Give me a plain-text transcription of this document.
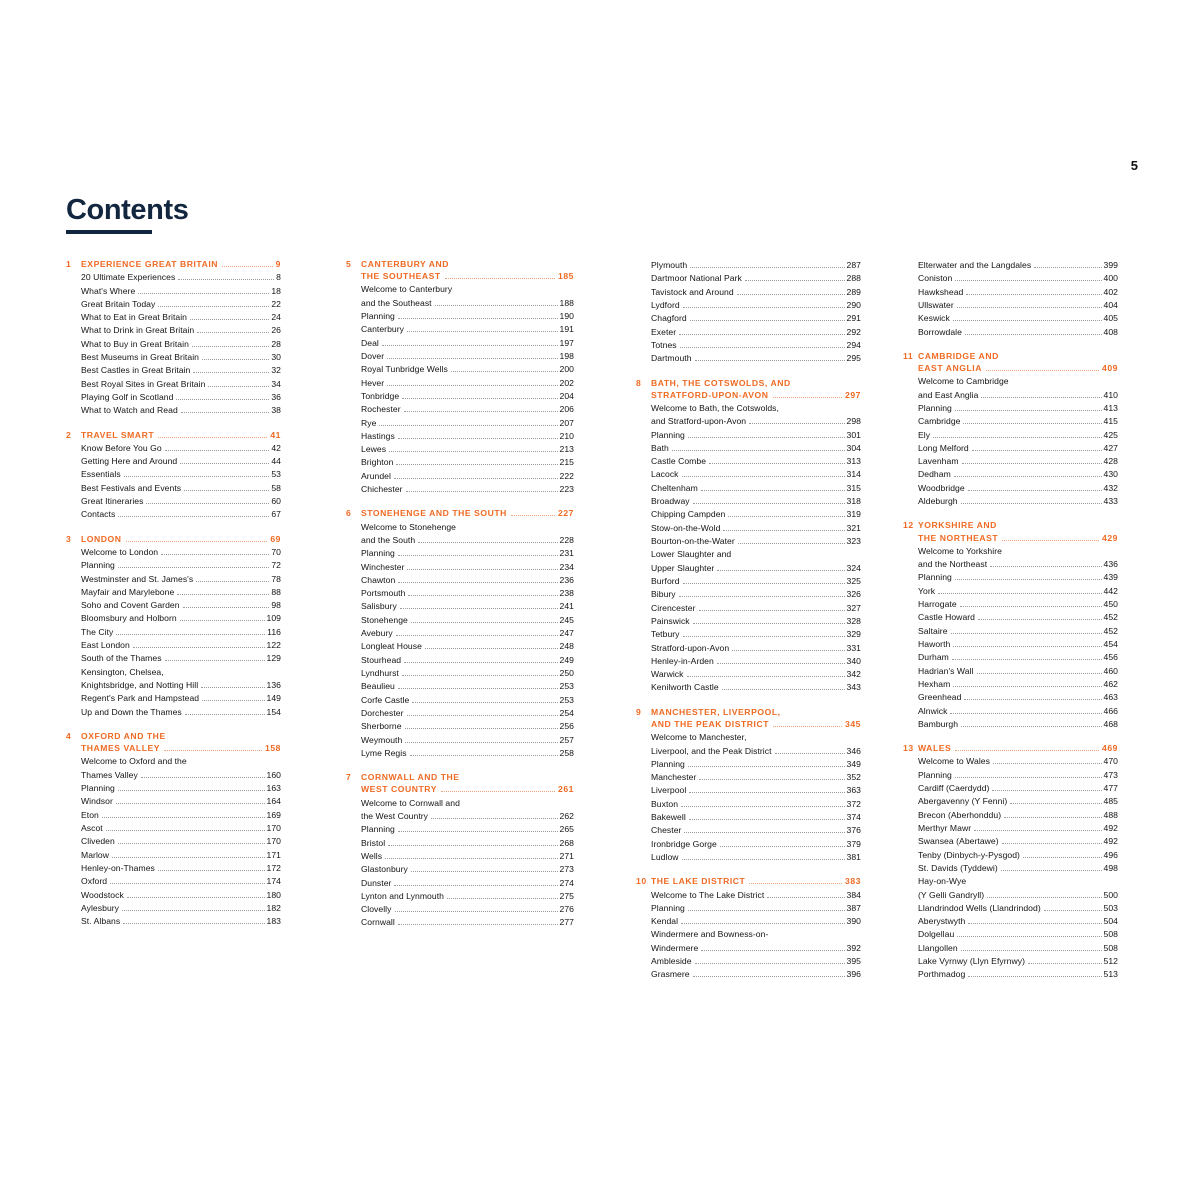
5
Contents
1	EXPERIENCE GREAT BRITAIN	9
20 Ultimate Experiences	8
What's Where	18
Great Britain Today	22
What to Eat in Great Britain	24
What to Drink in Great Britain	26
What to Buy in Great Britain	28
Best Museums in Great Britain	30
Best Castles in Great Britain	32
Best Royal Sites in Great Britain	34
Playing Golf in Scotland	36
What to Watch and Read	38
2	TRAVEL SMART	41
Know Before You Go	42
Getting Here and Around	44
Essentials	53
Best Festivals and Events	58
Great Itineraries	60
Contacts	67
3	LONDON	69
Welcome to London	70
Planning	72
Westminster and St. James's	78
Mayfair and Marylebone	88
Soho and Covent Garden	98
Bloomsbury and Holborn	109
The City	116
East London	122
South of the Thames	129
Kensington, Chelsea,
Knightsbridge, and Notting Hill	136
Regent's Park and Hampstead	149
Up and Down the Thames	154
4	OXFORD AND THE
THAMES VALLEY	158
Welcome to Oxford and the
Thames Valley	160
Planning	163
Windsor	164
Eton	169
Ascot	170
Cliveden	170
Marlow	171
Henley-on-Thames	172
Oxford	174
Woodstock	180
Aylesbury	182
St. Albans	183
5	CANTERBURY AND
THE SOUTHEAST	185
Welcome to Canterbury
and the Southeast	188
Planning	190
Canterbury	191
Deal	197
Dover	198
Royal Tunbridge Wells	200
Hever	202
Tonbridge	204
Rochester	206
Rye	207
Hastings	210
Lewes	213
Brighton	215
Arundel	222
Chichester	223
6	STONEHENGE AND THE SOUTH	227
Welcome to Stonehenge
and the South	228
Planning	231
Winchester	234
Chawton	236
Portsmouth	238
Salisbury	241
Stonehenge	245
Avebury	247
Longleat House	248
Stourhead	249
Lyndhurst	250
Beaulieu	253
Corfe Castle	253
Dorchester	254
Sherborne	256
Weymouth	257
Lyme Regis	258
7	CORNWALL AND THE
WEST COUNTRY	261
Welcome to Cornwall and
the West Country	262
Planning	265
Bristol	268
Wells	271
Glastonbury	273
Dunster	274
Lynton and Lynmouth	275
Clovelly	276
Cornwall	277
Plymouth	287
Dartmoor National Park	288
Tavistock and Around	289
Lydford	290
Chagford	291
Exeter	292
Totnes	294
Dartmouth	295
8	BATH, THE COTSWOLDS, AND
STRATFORD-UPON-AVON	297
Welcome to Bath, the Cotswolds,
and Stratford-upon-Avon	298
Planning	301
Bath	304
Castle Combe	313
Lacock	314
Cheltenham	315
Broadway	318
Chipping Campden	319
Stow-on-the-Wold	321
Bourton-on-the-Water	323
Lower Slaughter and
Upper Slaughter	324
Burford	325
Bibury	326
Cirencester	327
Painswick	328
Tetbury	329
Stratford-upon-Avon	331
Henley-in-Arden	340
Warwick	342
Kenilworth Castle	343
9	MANCHESTER, LIVERPOOL,
AND THE PEAK DISTRICT	345
Welcome to Manchester,
Liverpool, and the Peak District	346
Planning	349
Manchester	352
Liverpool	363
Buxton	372
Bakewell	374
Chester	376
Ironbridge Gorge	379
Ludlow	381
10 THE LAKE DISTRICT	383
Welcome to The Lake District	384
Planning	387
Kendal	390
Windermere and Bowness-on-
Windermere	392
Ambleside	395
Grasmere	396
Elterwater and the Langdales	399
Coniston	400
Hawkshead	402
Ullswater	404
Keswick	405
Borrowdale	408
11 CAMBRIDGE AND
EAST ANGLIA	409
Welcome to Cambridge
and East Anglia	410
Planning	413
Cambridge	415
Ely	425
Long Melford	427
Lavenham	428
Dedham	430
Woodbridge	432
Aldeburgh	433
12 YORKSHIRE AND
THE NORTHEAST	429
Welcome to Yorkshire
and the Northeast	436
Planning	439
York	442
Harrogate	450
Castle Howard	452
Saltaire	452
Haworth	454
Durham	456
Hadrian's Wall	460
Hexham	462
Greenhead	463
Alnwick	466
Bamburgh	468
13 WALES	469
Welcome to Wales	470
Planning	473
Cardiff (Caerdydd)	477
Abergavenny (Y Fenni)	485
Brecon (Aberhonddu)	488
Merthyr Mawr	492
Swansea (Abertawe)	492
Tenby (Dinbych-y-Pysgod)	496
St. Davids (Tyddewi)	498
Hay-on-Wye
(Y Gelli Gandryll)	500
Llandrindod Wells (Llandrindod)	503
Aberystwyth	504
Dolgellau	508
Llangollen	508
Lake Vyrnwy (Llyn Efyrnwy)	512
Porthmadog	513
